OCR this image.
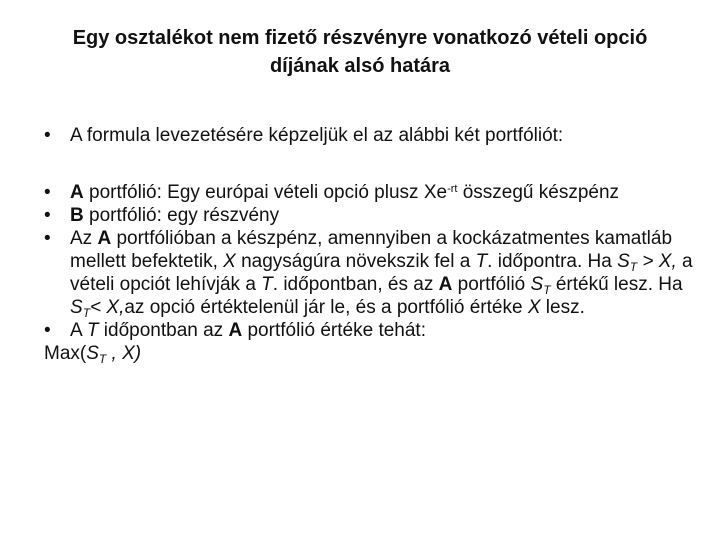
Egy osztalékot nem fizető részvényre vonatkozó vételi opció
díjának alsó határa
• A formula levezetésére képzeljük el az alábbi két portfóliót:
• A portfólió: Egy európai vételi opció plusz $Xe^{-rt}$ összegű készpénz
• B portfólió: egy részvény
• Az A portfólióban a készpénz, amennyiben a kockázatmentes kamatláb mellett befektetik, X nagyságúra növekszik fel a T. időpontra. Ha $S_T > X$, a vételi opciót lehívják a T. időpontban, és az A portfólió $S_T$ értékű lesz. Ha $S_T< X,az$ opció értéktelenül jár le, és a portfólió értéke X lesz.
• A T időpontban az A portfólió értéke tehát:
$Max(S_T$ , X)
